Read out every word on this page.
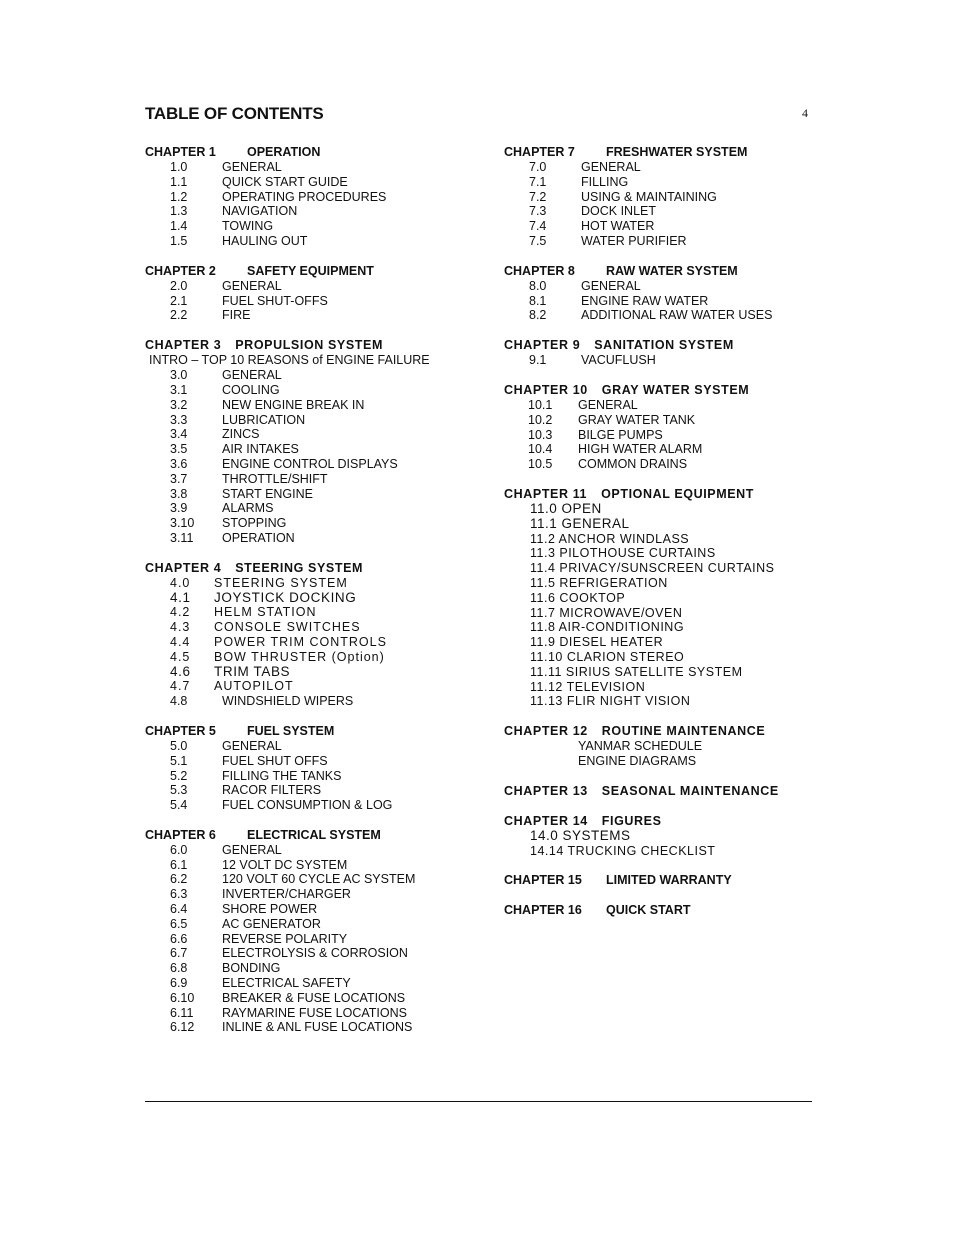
TABLE OF CONTENTS	4
CHAPTER 1 OPERATION
1.0	GENERAL
1.1	QUICK START GUIDE
1.2	OPERATING PROCEDURES
1.3	NAVIGATION
1.4	TOWING
1.5	HAULING OUT
CHAPTER 2 SAFETY EQUIPMENT
2.0	GENERAL
2.1	FUEL SHUT-OFFS
2.2	FIRE
CHAPTER 3 PROPULSION SYSTEM
INTRO – TOP 10 REASONS of ENGINE FAILURE
3.0	GENERAL
3.1	COOLING
3.2	NEW ENGINE BREAK IN
3.3	LUBRICATION
3.4	ZINCS
3.5	AIR INTAKES
3.6	ENGINE CONTROL DISPLAYS
3.7	THROTTLE/SHIFT
3.8	START ENGINE
3.9	ALARMS
3.10 STOPPING
3.11 OPERATION
CHAPTER 4 STEERING SYSTEM
4.0 STEERING SYSTEM
4.1 JOYSTICK DOCKING
4.2 HELM STATION
4.3 CONSOLE SWITCHES
4.4 POWER TRIM CONTROLS
4.5 BOW THRUSTER (Option)
4.6 TRIM TABS
4.7 AUTOPILOT
4.8	WINDSHIELD WIPERS
CHAPTER 5 FUEL SYSTEM
5.0	GENERAL
5.1	FUEL SHUT OFFS
5.2	FILLING THE TANKS
5.3	RACOR FILTERS
5.4	FUEL CONSUMPTION & LOG
CHAPTER 6 ELECTRICAL SYSTEM
6.0	GENERAL
6.1	12 VOLT DC SYSTEM
6.2	120 VOLT 60 CYCLE AC SYSTEM
6.3	INVERTER/CHARGER
6.4	SHORE POWER
6.5	AC GENERATOR
6.6	REVERSE POLARITY
6.7	ELECTROLYSIS & CORROSION
6.8	BONDING
6.9	ELECTRICAL SAFETY
6.10 BREAKER & FUSE LOCATIONS
6.11 RAYMARINE FUSE LOCATIONS
6.12 INLINE & ANL FUSE LOCATIONS
CHAPTER 7 FRESHWATER SYSTEM
7.0	GENERAL
7.1	FILLING
7.2	USING & MAINTAINING
7.3	DOCK INLET
7.4	HOT WATER
7.5	WATER PURIFIER
CHAPTER 8 RAW WATER SYSTEM
8.0	GENERAL
8.1	ENGINE RAW WATER
8.2	ADDITIONAL RAW WATER USES
CHAPTER 9 SANITATION SYSTEM
9.1	VACUFLUSH
CHAPTER 10 GRAY WATER SYSTEM
10.1 GENERAL
10.2 GRAY WATER TANK
10.3 BILGE PUMPS
10.4 HIGH WATER ALARM
10.5 COMMON DRAINS
CHAPTER 11 OPTIONAL EQUIPMENT
11.0 OPEN
11.1 GENERAL
11.2 ANCHOR WINDLASS
11.3 PILOTHOUSE CURTAINS
11.4 PRIVACY/SUNSCREEN CURTAINS
11.5 REFRIGERATION
11.6 COOKTOP
11.7 MICROWAVE/OVEN
11.8 AIR-CONDITIONING
11.9 DIESEL HEATER
11.10 CLARION STEREO
11.11 SIRIUS SATELLITE SYSTEM
11.12 TELEVISION
11.13 FLIR NIGHT VISION
CHAPTER 12 ROUTINE MAINTENANCE
YANMAR SCHEDULE
ENGINE DIAGRAMS
CHAPTER 13 SEASONAL MAINTENANCE
CHAPTER 14 FIGURES
14.0 SYSTEMS
14.14 TRUCKING CHECKLIST
CHAPTER 15 LIMITED WARRANTY
CHAPTER 16 QUICK START
